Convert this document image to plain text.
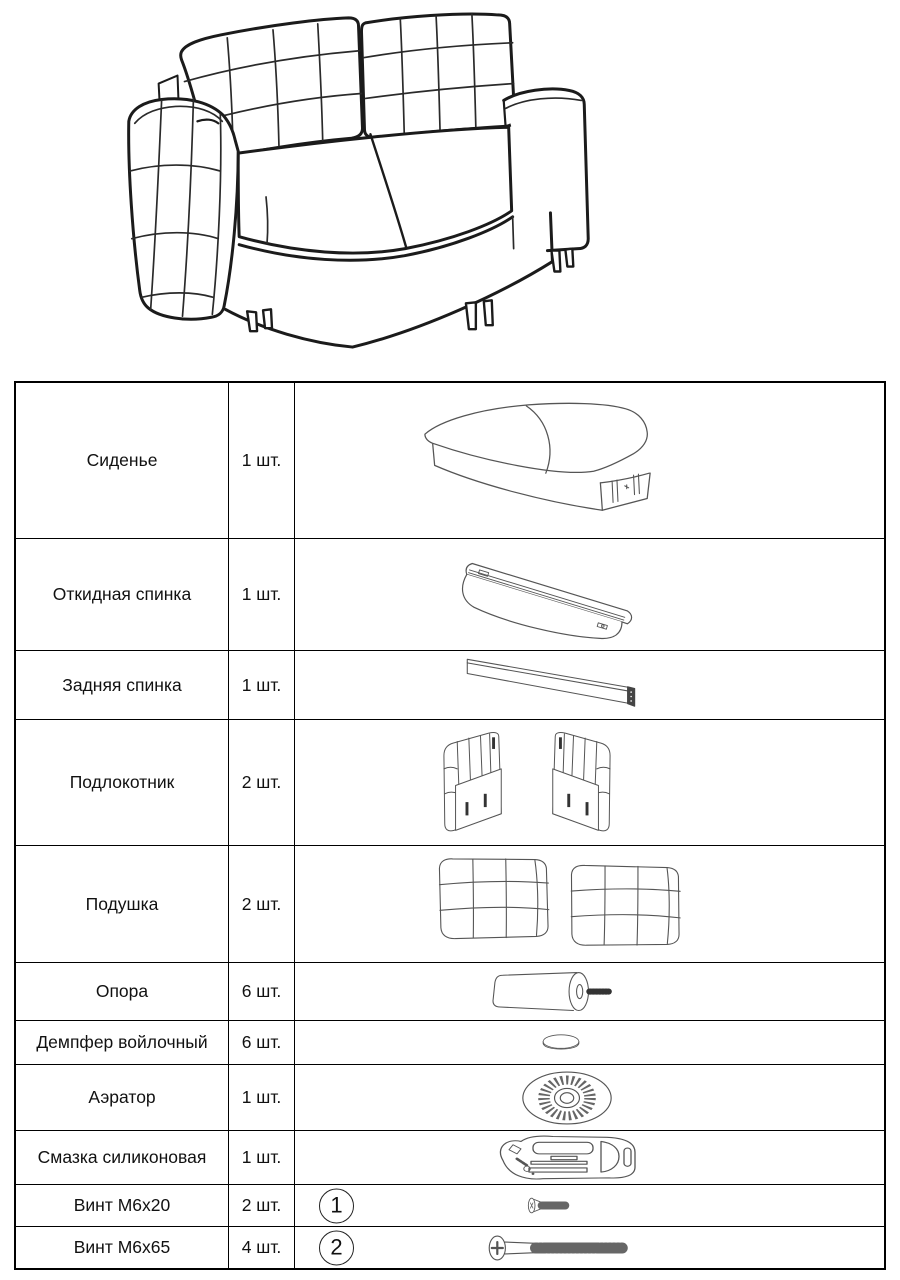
Сиденье	1 шт.
Откидная спинка	1 шт.
Задняя спинка	1 шт.
Подлокотник	2 шт.
Подушка	2 шт.
Опора	6 шт.
Демпфер войлочный	6 шт.
Аэратор	1 шт.
Смазка силиконовая	1 шт.
Винт М6х20	2 шт.	1
Винт М6х65	4 шт.	2
